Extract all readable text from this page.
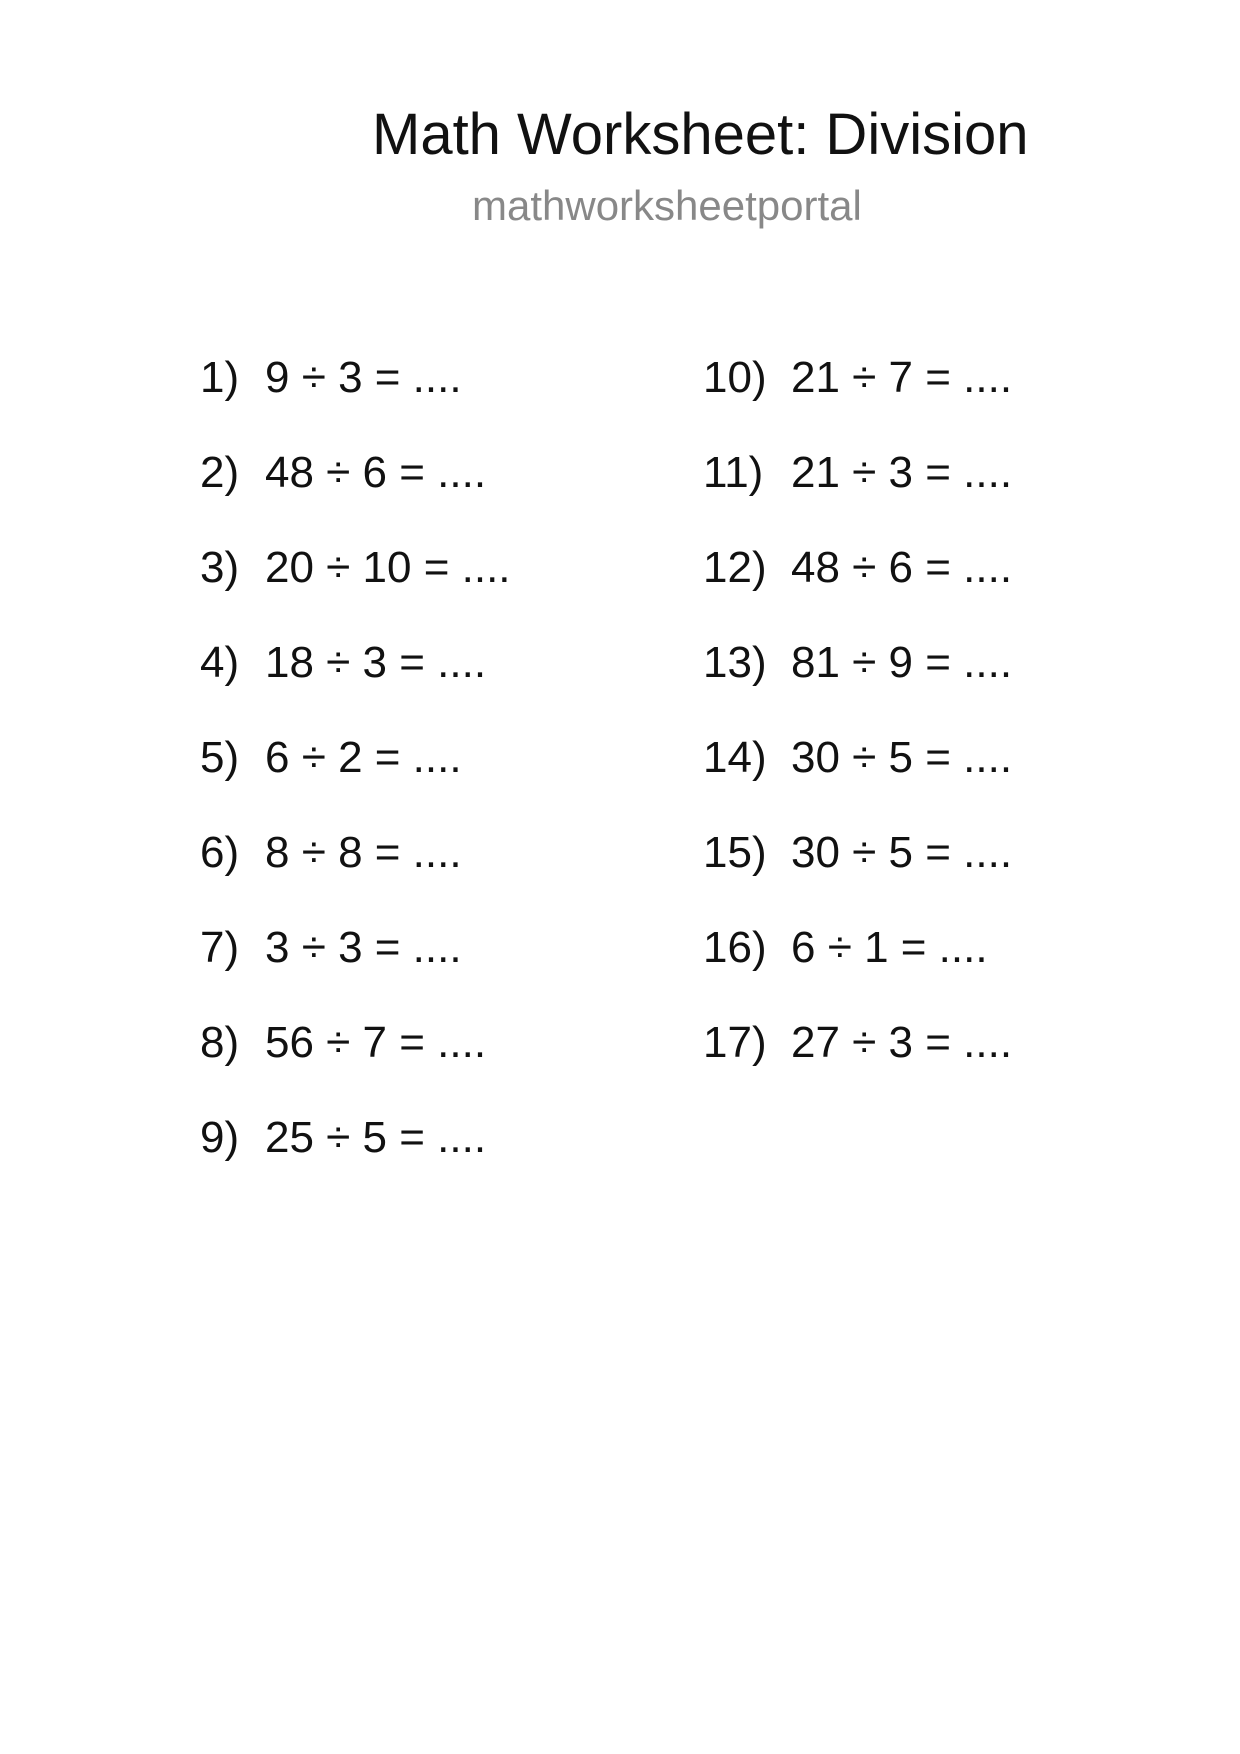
Math Worksheet: Division
mathworksheetportal
1) 9 ÷ 3 = ....
2) 48 ÷ 6 = ....
3) 20 ÷ 10 = ....
4) 18 ÷ 3 = ....
5) 6 ÷ 2 = ....
6) 8 ÷ 8 = ....
7) 3 ÷ 3 = ....
8) 56 ÷ 7 = ....
9) 25 ÷ 5 = ....
10) 21 ÷ 7 = ....
11) 21 ÷ 3 = ....
12) 48 ÷ 6 = ....
13) 81 ÷ 9 = ....
14) 30 ÷ 5 = ....
15) 30 ÷ 5 = ....
16) 6 ÷ 1 = ....
17) 27 ÷ 3 = ....
